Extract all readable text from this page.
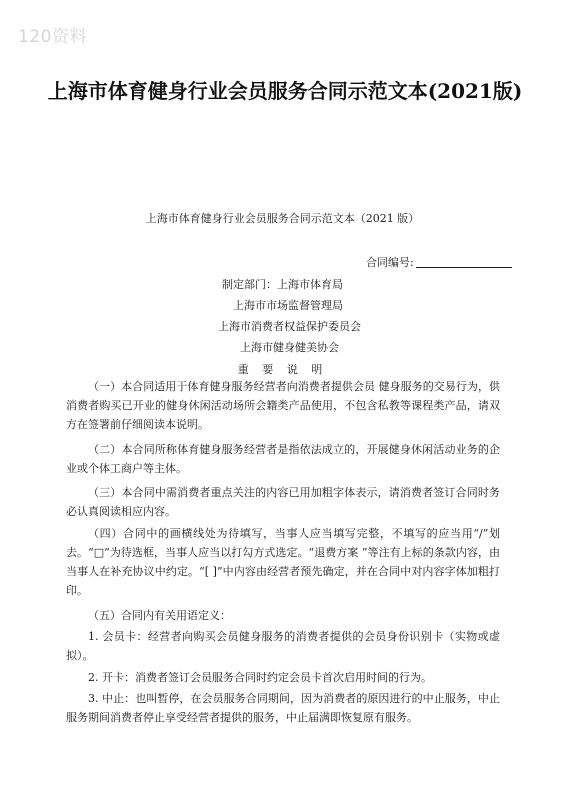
120资料
上海市体育健身行业会员服务合同示范文本(2021版)
上海市体育健身行业会员服务合同示范文本（2021 版）
合同编号:
制定部门：上海市体育局
上海市市场监督管理局
上海市消费者权益保护委员会
上海市健身健美协会
重 要 说 明
（一）本合同适用于体育健身服务经营者向消费者提供会员 健身服务的交易行为，供消费者购买已开业的健身休闲活动场所会籍类产品使用，不包含私教等课程类产品，请双方在签署前仔细阅读本说明。
（二）本合同所称体育健身服务经营者是指依法成立的，开展健身休闲活动业务的企业或个体工商户等主体。
（三）本合同中需消费者重点关注的内容已用加粗字体表示，请消费者签订合同时务必认真阅读相应内容。
（四）合同中的画横线处为待填写，当事人应当填写完整，不填写的应当用“/”划去。“□”为待选框，当事人应当以打勾方式选定。“退费方案 ”等注有上标的条款内容，由当事人在补充协议中约定。“[ ]”中内容由经营者预先确定，并在合同中对内容字体加粗打印。
（五）合同内有关用语定义：
1. 会员卡：经营者向购买会员健身服务的消费者提供的会员身份识别卡（实物或虚拟）。
2. 开卡：消费者签订会员服务合同时约定会员卡首次启用时间的行为。
3. 中止：也叫暂停，在会员服务合同期间，因为消费者的原因进行的中止服务，中止服务期间消费者停止享受经营者提供的服务，中止届满即恢复原有服务。
